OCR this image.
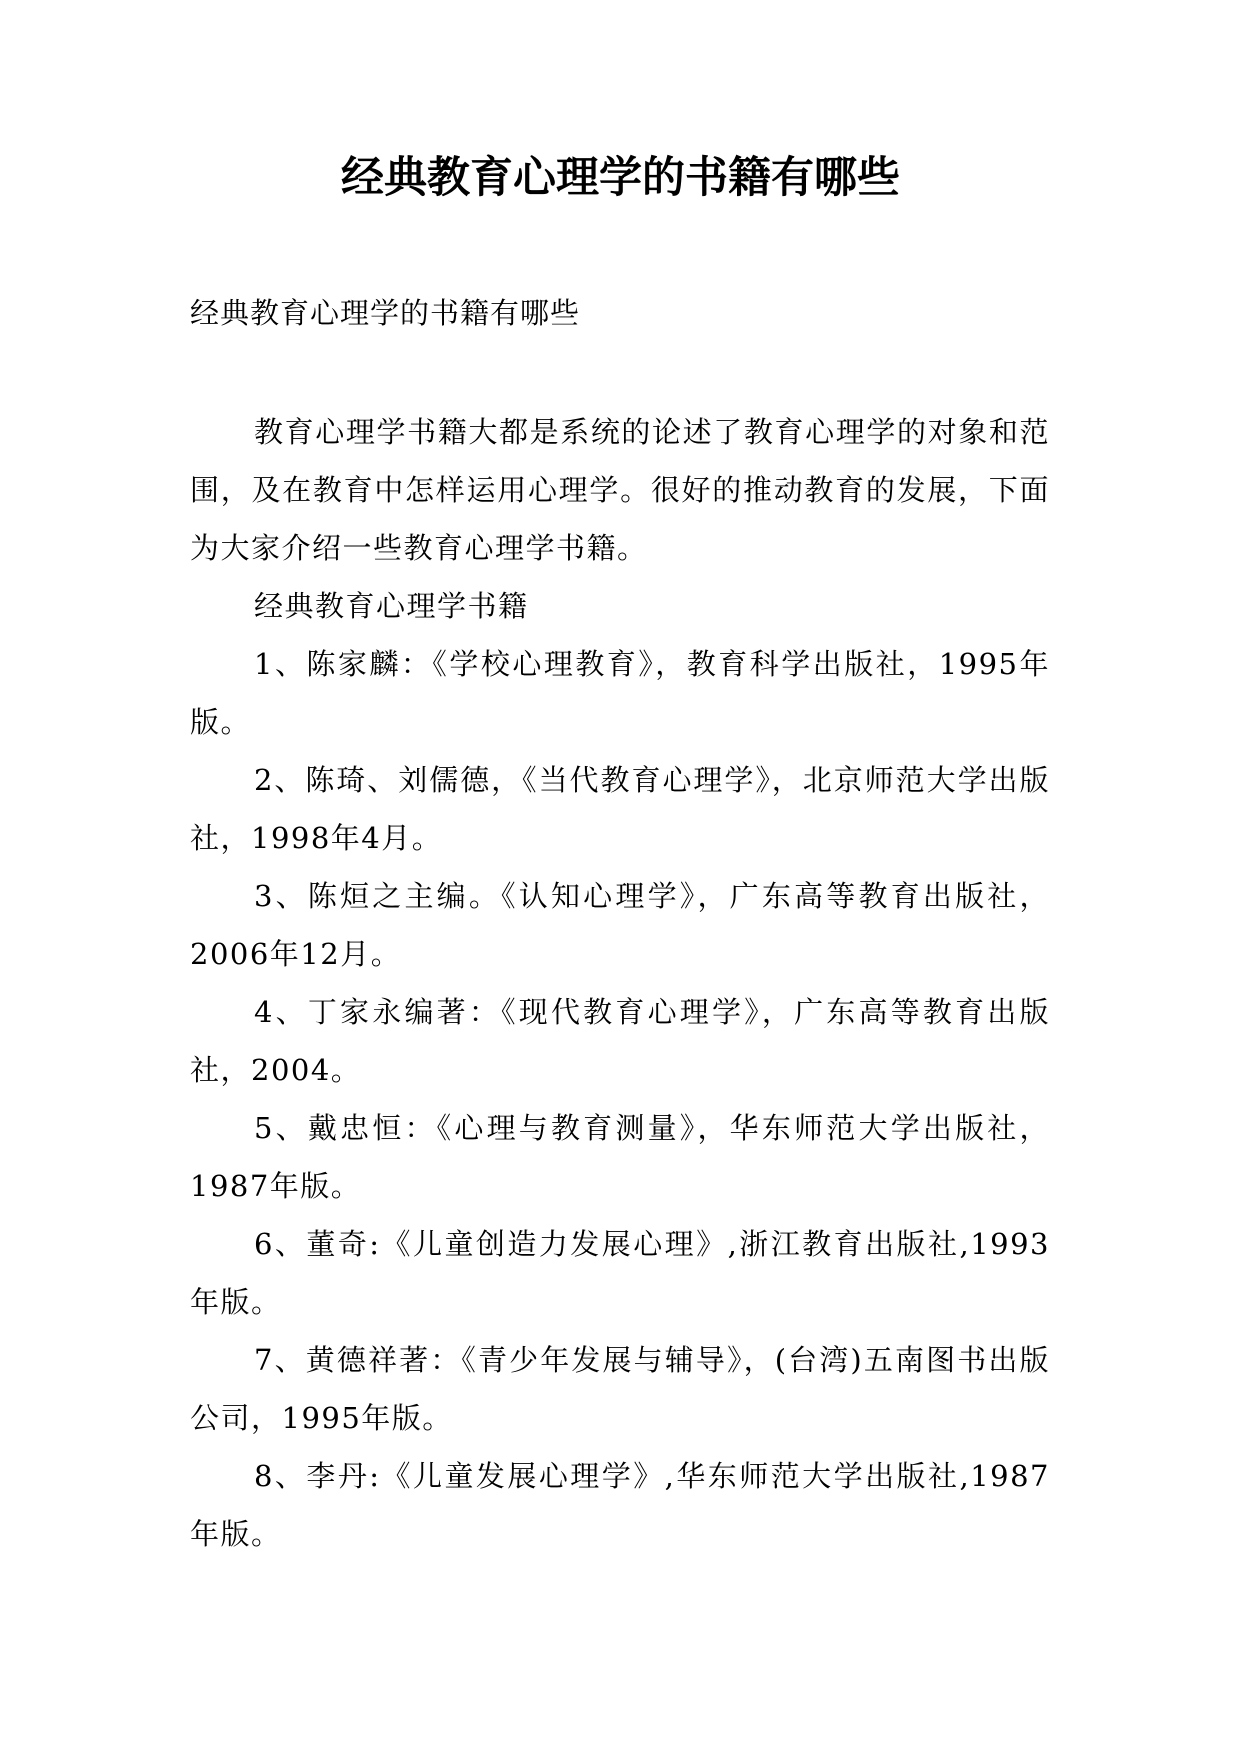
经典教育心理学的书籍有哪些

经典教育心理学的书籍有哪些

教育心理学书籍大都是系统的论述了教育心理学的对象和范围，及在教育中怎样运用心理学。很好的推动教育的发展，下面为大家介绍一些教育心理学书籍。

经典教育心理学书籍

1、陈家麟：《学校心理教育》，教育科学出版社，1995年版。

2、陈琦、刘儒德，《当代教育心理学》，北京师范大学出版社，1998年4月。

3、陈烜之主编。《认知心理学》，广东高等教育出版社，2006年12月。

4、丁家永编著：《现代教育心理学》，广东高等教育出版社，2004。

5、戴忠恒：《心理与教育测量》，华东师范大学出版社，1987年版。

6、董奇:《儿童创造力发展心理》,浙江教育出版社,1993年版。

7、黄德祥著：《青少年发展与辅导》，(台湾)五南图书出版公司，1995年版。

8、李丹:《儿童发展心理学》,华东师范大学出版社,1987年版。
